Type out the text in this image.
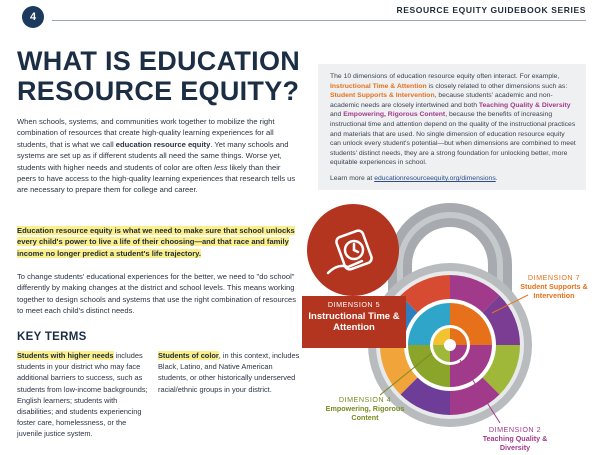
4
RESOURCE EQUITY GUIDEBOOK SERIES
WHAT IS EDUCATION
RESOURCE EQUITY?
When schools, systems, and communities work together to mobilize the right combination of resources that create high-quality learning experiences for all students, that is what we call education resource equity. Yet many schools and systems are set up as if different students all need the same things. Worse yet, students with higher needs and students of color are often less likely than their peers to have access to the high-quality learning experiences that research tells us are necessary to prepare them for college and career.
Education resource equity is what we need to make sure that school unlocks every child's power to live a life of their choosing—and that race and family income no longer predict a student's life trajectory.
To change students' educational experiences for the better, we need to "do school" differently by making changes at the district and school levels. This means working together to design schools and systems that use the right combination of resources to meet each child's distinct needs.
KEY TERMS
Students with higher needs includes students in your district who may face additional barriers to success, such as students from low-income backgrounds; English learners; students with disabilities; and students experiencing foster care, homelessness, or the juvenile justice system.
Students of color, in this context, includes Black, Latino, and Native American students, or other historically underserved racial/ethnic groups in your district.
The 10 dimensions of education resource equity often interact. For example, Instructional Time & Attention is closely related to other dimensions such as: Student Supports & Intervention, because students' academic and non-academic needs are closely intertwined and both Teaching Quality & Diversity and Empowering, Rigorous Content, because the benefits of increasing instructional time and attention depend on the quality of the instructional practices and materials that are used. No single dimension of education resource equity can unlock every student's potential—but when dimensions are combined to meet students' distinct needs, they are a strong foundation for unlocking better, more equitable experiences in school.
Learn more at educationresourceequity.org/dimensions.
DIMENSION 5
Instructional Time & Attention
DIMENSION 7
Student Supports & Intervention
DIMENSION 4
Empowering, Rigorous Content
DIMENSION 2
Teaching Quality & Diversity
